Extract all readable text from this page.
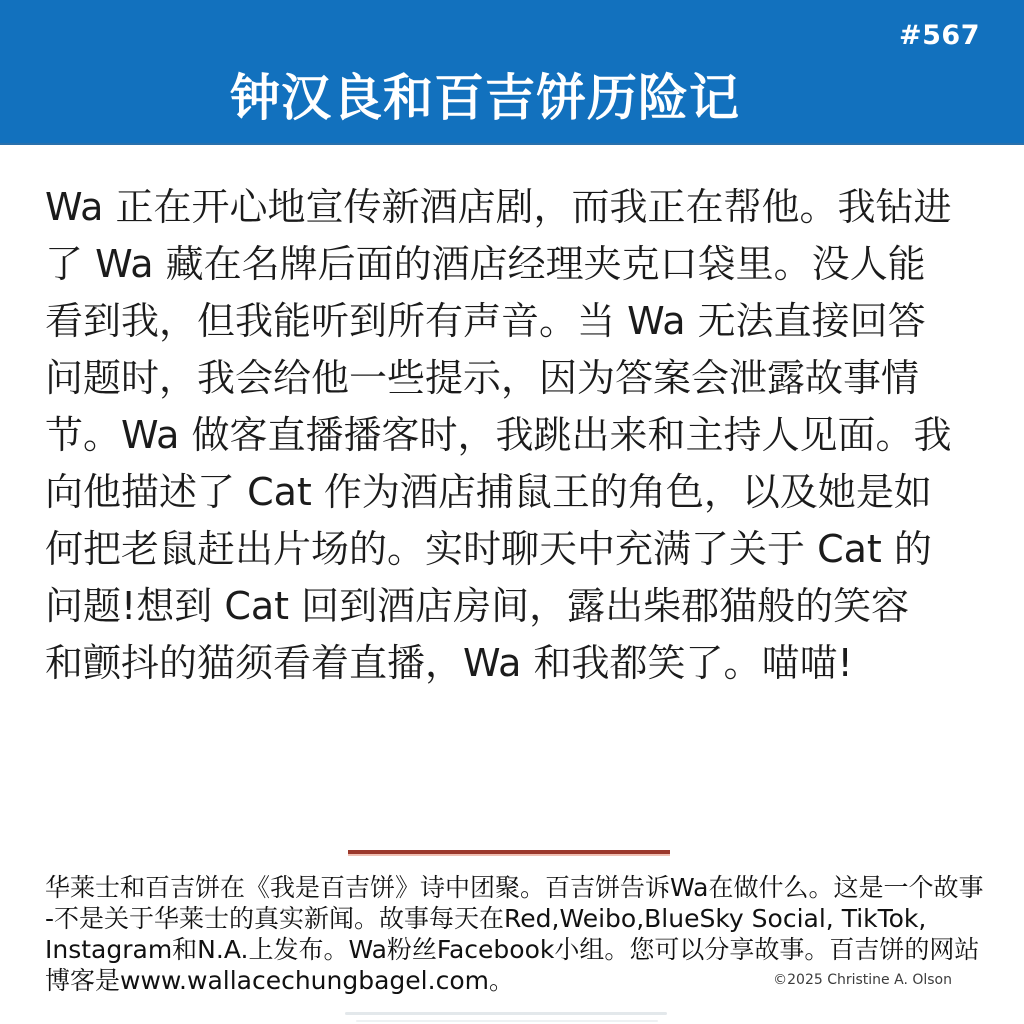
#567
钟汉良和百吉饼历险记
Wa 正在开心地宣传新酒店剧，而我正在帮他。我钻进
了 Wa 藏在名牌后面的酒店经理夹克口袋里。没人能
看到我，但我能听到所有声音。当 Wa 无法直接回答
问题时，我会给他一些提示，因为答案会泄露故事情
节。Wa 做客直播播客时，我跳出来和主持人见面。我
向他描述了 Cat 作为酒店捕鼠王的角色，以及她是如
何把老鼠赶出片场的。实时聊天中充满了关于 Cat 的
问题!想到 Cat 回到酒店房间，露出柴郡猫般的笑容
和颤抖的猫须看着直播，Wa 和我都笑了。喵喵!
华莱士和百吉饼在《我是百吉饼》诗中团聚。百吉饼告诉Wa在做什么。这是一个故事
-不是关于华莱士的真实新闻。故事每天在Red,Weibo,BlueSky Social, TikTok,
Instagram和N.A.上发布。Wa粉丝Facebook小组。您可以分享故事。百吉饼的网站
博客是www.wallacechungbagel.com。	©2025 Christine A. Olson
